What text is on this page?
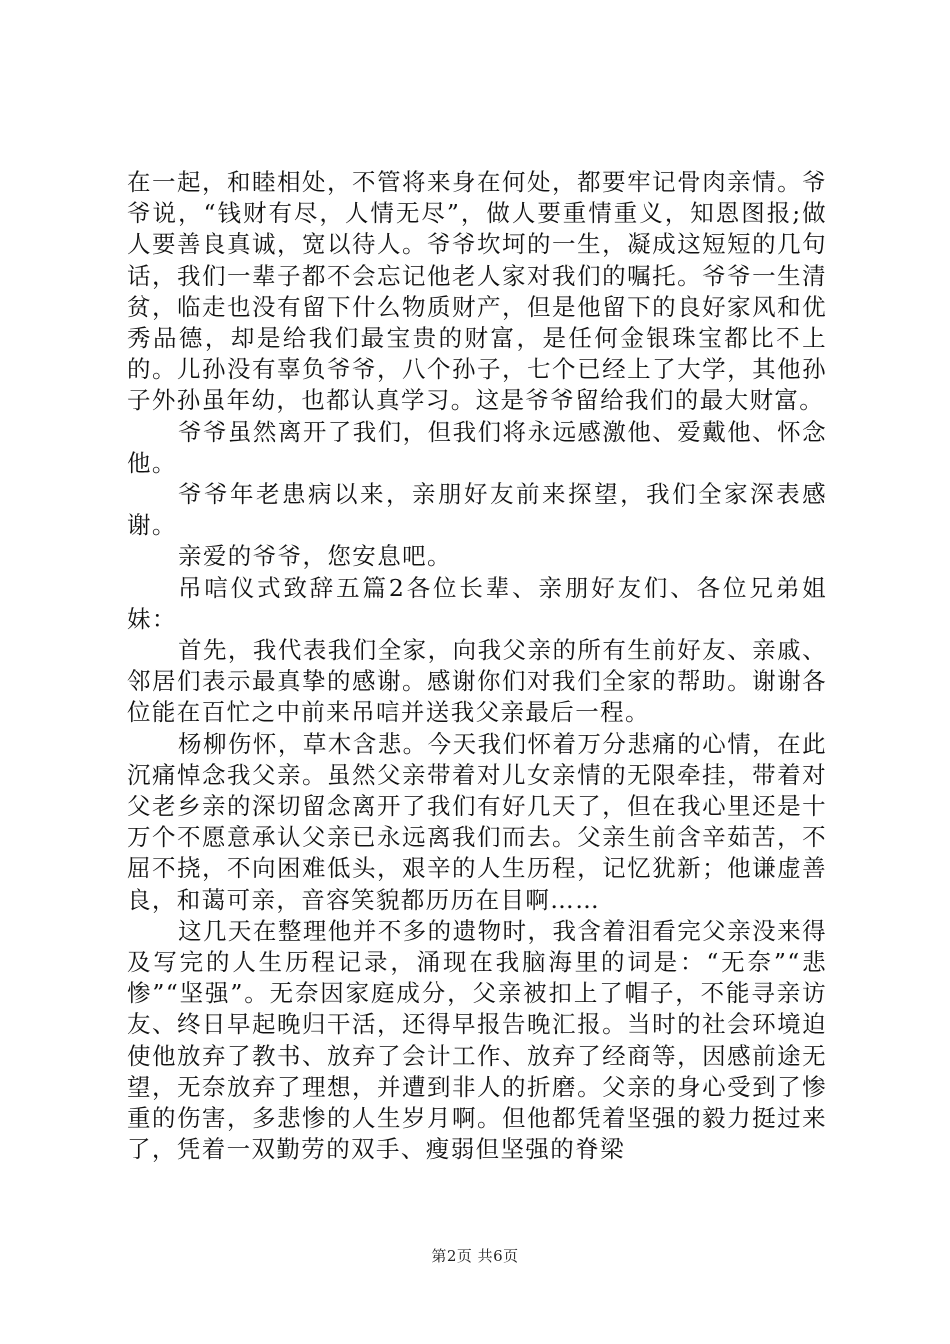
在一起，和睦相处，不管将来身在何处，都要牢记骨肉亲情。爷爷说，“钱财有尽，人情无尽”，做人要重情重义，知恩图报;做人要善良真诚，宽以待人。爷爷坎坷的一生，凝成这短短的几句话，我们一辈子都不会忘记他老人家对我们的嘱托。爷爷一生清贫，临走也没有留下什么物质财产，但是他留下的良好家风和优秀品德，却是给我们最宝贵的财富，是任何金银珠宝都比不上的。儿孙没有辜负爷爷，八个孙子，七个已经上了大学，其他孙子外孙虽年幼，也都认真学习。这是爷爷留给我们的最大财富。

爷爷虽然离开了我们，但我们将永远感激他、爱戴他、怀念他。

爷爷年老患病以来，亲朋好友前来探望，我们全家深表感谢。

亲爱的爷爷，您安息吧。

吊唁仪式致辞五篇2各位长辈、亲朋好友们、各位兄弟姐妹：

首先，我代表我们全家，向我父亲的所有生前好友、亲戚、邻居们表示最真挚的感谢。感谢你们对我们全家的帮助。谢谢各位能在百忙之中前来吊唁并送我父亲最后一程。

杨柳伤怀，草木含悲。今天我们怀着万分悲痛的心情，在此沉痛悼念我父亲。虽然父亲带着对儿女亲情的无限牵挂，带着对父老乡亲的深切留念离开了我们有好几天了，但在我心里还是十万个不愿意承认父亲已永远离我们而去。父亲生前含辛茹苦，不屈不挠，不向困难低头，艰辛的人生历程，记忆犹新；他谦虚善良，和蔼可亲，音容笑貌都历历在目啊……

这几天在整理他并不多的遗物时，我含着泪看完父亲没来得及写完的人生历程记录，涌现在我脑海里的词是：“无奈”“悲惨”“坚强”。无奈因家庭成分，父亲被扣上了帽子，不能寻亲访友、终日早起晚归干活，还得早报告晚汇报。当时的社会环境迫使他放弃了教书、放弃了会计工作、放弃了经商等，因感前途无望，无奈放弃了理想，并遭到非人的折磨。父亲的身心受到了惨重的伤害，多悲惨的人生岁月啊。但他都凭着坚强的毅力挺过来了，凭着一双勤劳的双手、瘦弱但坚强的脊梁

第2页 共6页
